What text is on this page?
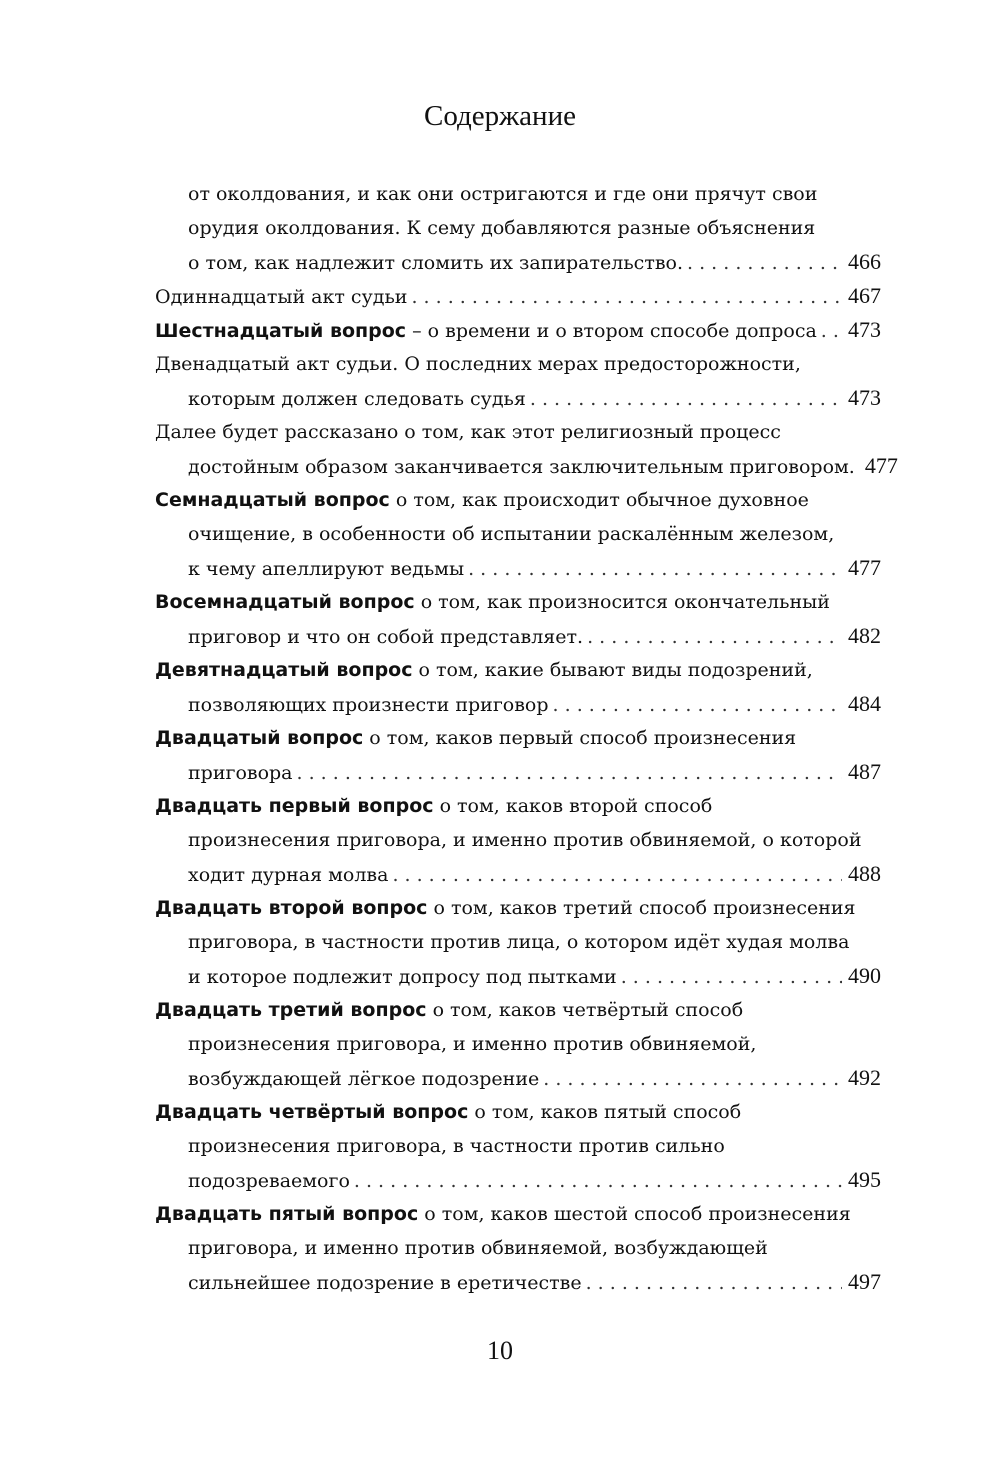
Содержание
от околдования, и как они остригаются и где они прячут свои
орудия околдования. К сему добавляются разные объяснения
о том, как надлежит сломить их запирательство. . . .	466
Одиннадцатый акт судьи . . .	467
Шестнадцатый вопрос – о времени и о втором способе допроса . . . 473
Двенадцатый акт судьи. О последних мерах предосторожности,
которым должен следовать судья . . .	473
Далее будет рассказано о том, как этот религиозный процесс
достойным образом заканчивается заключительным приговором. 477
Семнадцатый вопрос о том, как происходит обычное духовное
очищение, в особенности об испытании раскалённым железом,
к чему апеллируют ведьмы . . .	477
Восемнадцатый вопрос о том, как произносится окончательный
приговор и что он собой представляет. . . .	482
Девятнадцатый вопрос о том, какие бывают виды подозрений,
позволяющих произнести приговор . . .	484
Двадцатый вопрос о том, каков первый способ произнесения
приговора . . .	487
Двадцать первый вопрос о том, каков второй способ
произнесения приговора, и именно против обвиняемой, о которой
ходит дурная молва . . .	488
Двадцать второй вопрос о том, каков третий способ произнесения
приговора, в частности против лица, о котором идёт худая молва
и которое подлежит допросу под пытками . . .	490
Двадцать третий вопрос о том, каков четвёртый способ
произнесения приговора, и именно против обвиняемой,
возбуждающей лёгкое подозрение . . .	492
Двадцать четвёртый вопрос о том, каков пятый способ
произнесения приговора, в частности против сильно
подозреваемого . . .	495
Двадцать пятый вопрос о том, каков шестой способ произнесения
приговора, и именно против обвиняемой, возбуждающей
сильнейшее подозрение в еретичестве . . .	497
10
